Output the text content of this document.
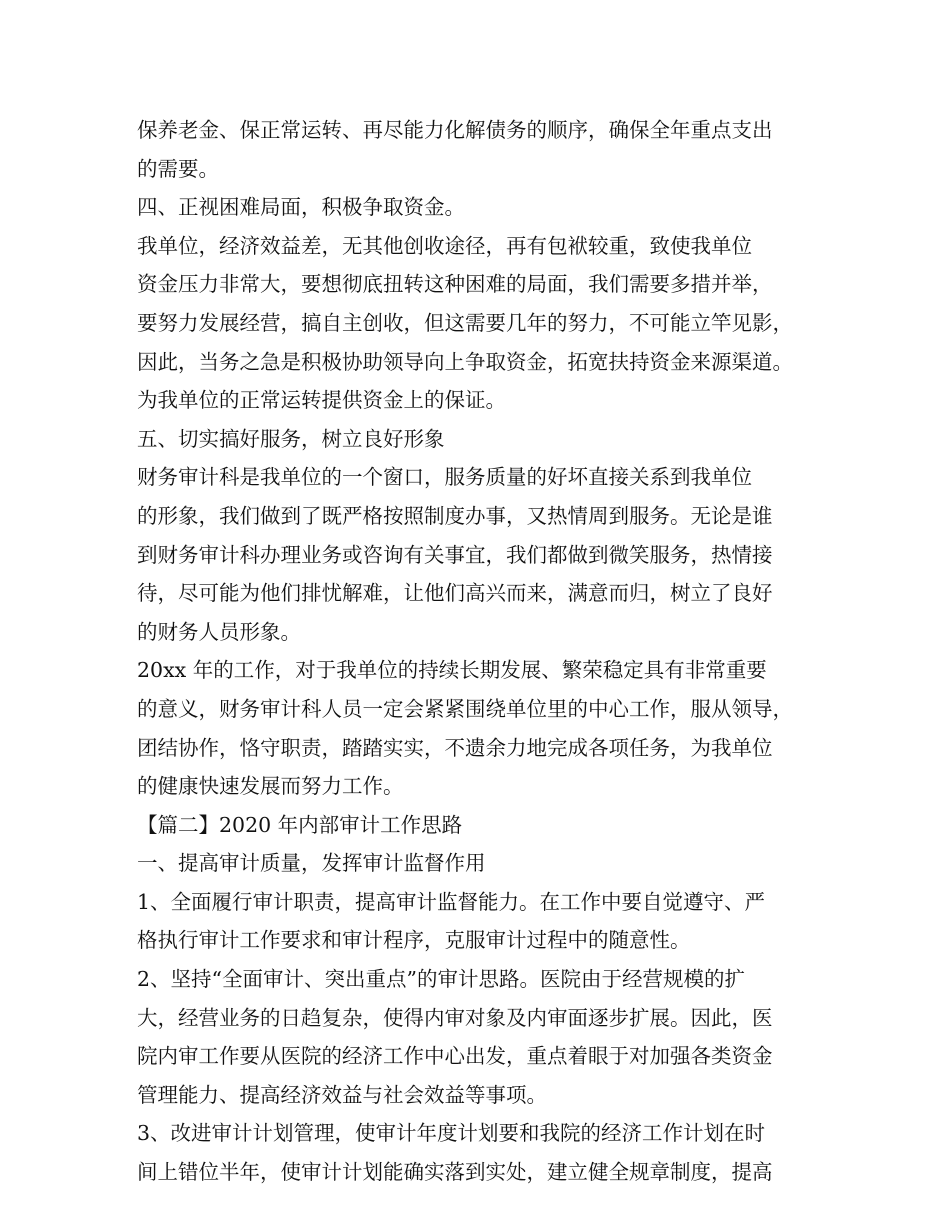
保养老金、保正常运转、再尽能力化解债务的顺序，确保全年重点支出
的需要。
四、正视困难局面，积极争取资金。
我单位，经济效益差，无其他创收途径，再有包袱较重，致使我单位
资金压力非常大，要想彻底扭转这种困难的局面，我们需要多措并举，
要努力发展经营，搞自主创收，但这需要几年的努力，不可能立竿见影，
因此，当务之急是积极协助领导向上争取资金，拓宽扶持资金来源渠道。
为我单位的正常运转提供资金上的保证。
五、切实搞好服务，树立良好形象
财务审计科是我单位的一个窗口，服务质量的好坏直接关系到我单位
的形象，我们做到了既严格按照制度办事，又热情周到服务。无论是谁
到财务审计科办理业务或咨询有关事宜，我们都做到微笑服务，热情接
待，尽可能为他们排忧解难，让他们高兴而来，满意而归，树立了良好
的财务人员形象。
20xx 年的工作，对于我单位的持续长期发展、繁荣稳定具有非常重要
的意义，财务审计科人员一定会紧紧围绕单位里的中心工作，服从领导，
团结协作，恪守职责，踏踏实实，不遗余力地完成各项任务，为我单位
的健康快速发展而努力工作。
【篇二】2020 年内部审计工作思路
一、提高审计质量，发挥审计监督作用
1、全面履行审计职责，提高审计监督能力。在工作中要自觉遵守、严
格执行审计工作要求和审计程序，克服审计过程中的随意性。
2、坚持“全面审计、突出重点”的审计思路。医院由于经营规模的扩
大，经营业务的日趋复杂，使得内审对象及内审面逐步扩展。因此，医
院内审工作要从医院的经济工作中心出发，重点着眼于对加强各类资金
管理能力、提高经济效益与社会效益等事项。
3、改进审计计划管理，使审计年度计划要和我院的经济工作计划在时
间上错位半年，使审计计划能确实落到实处，建立健全规章制度，提高
